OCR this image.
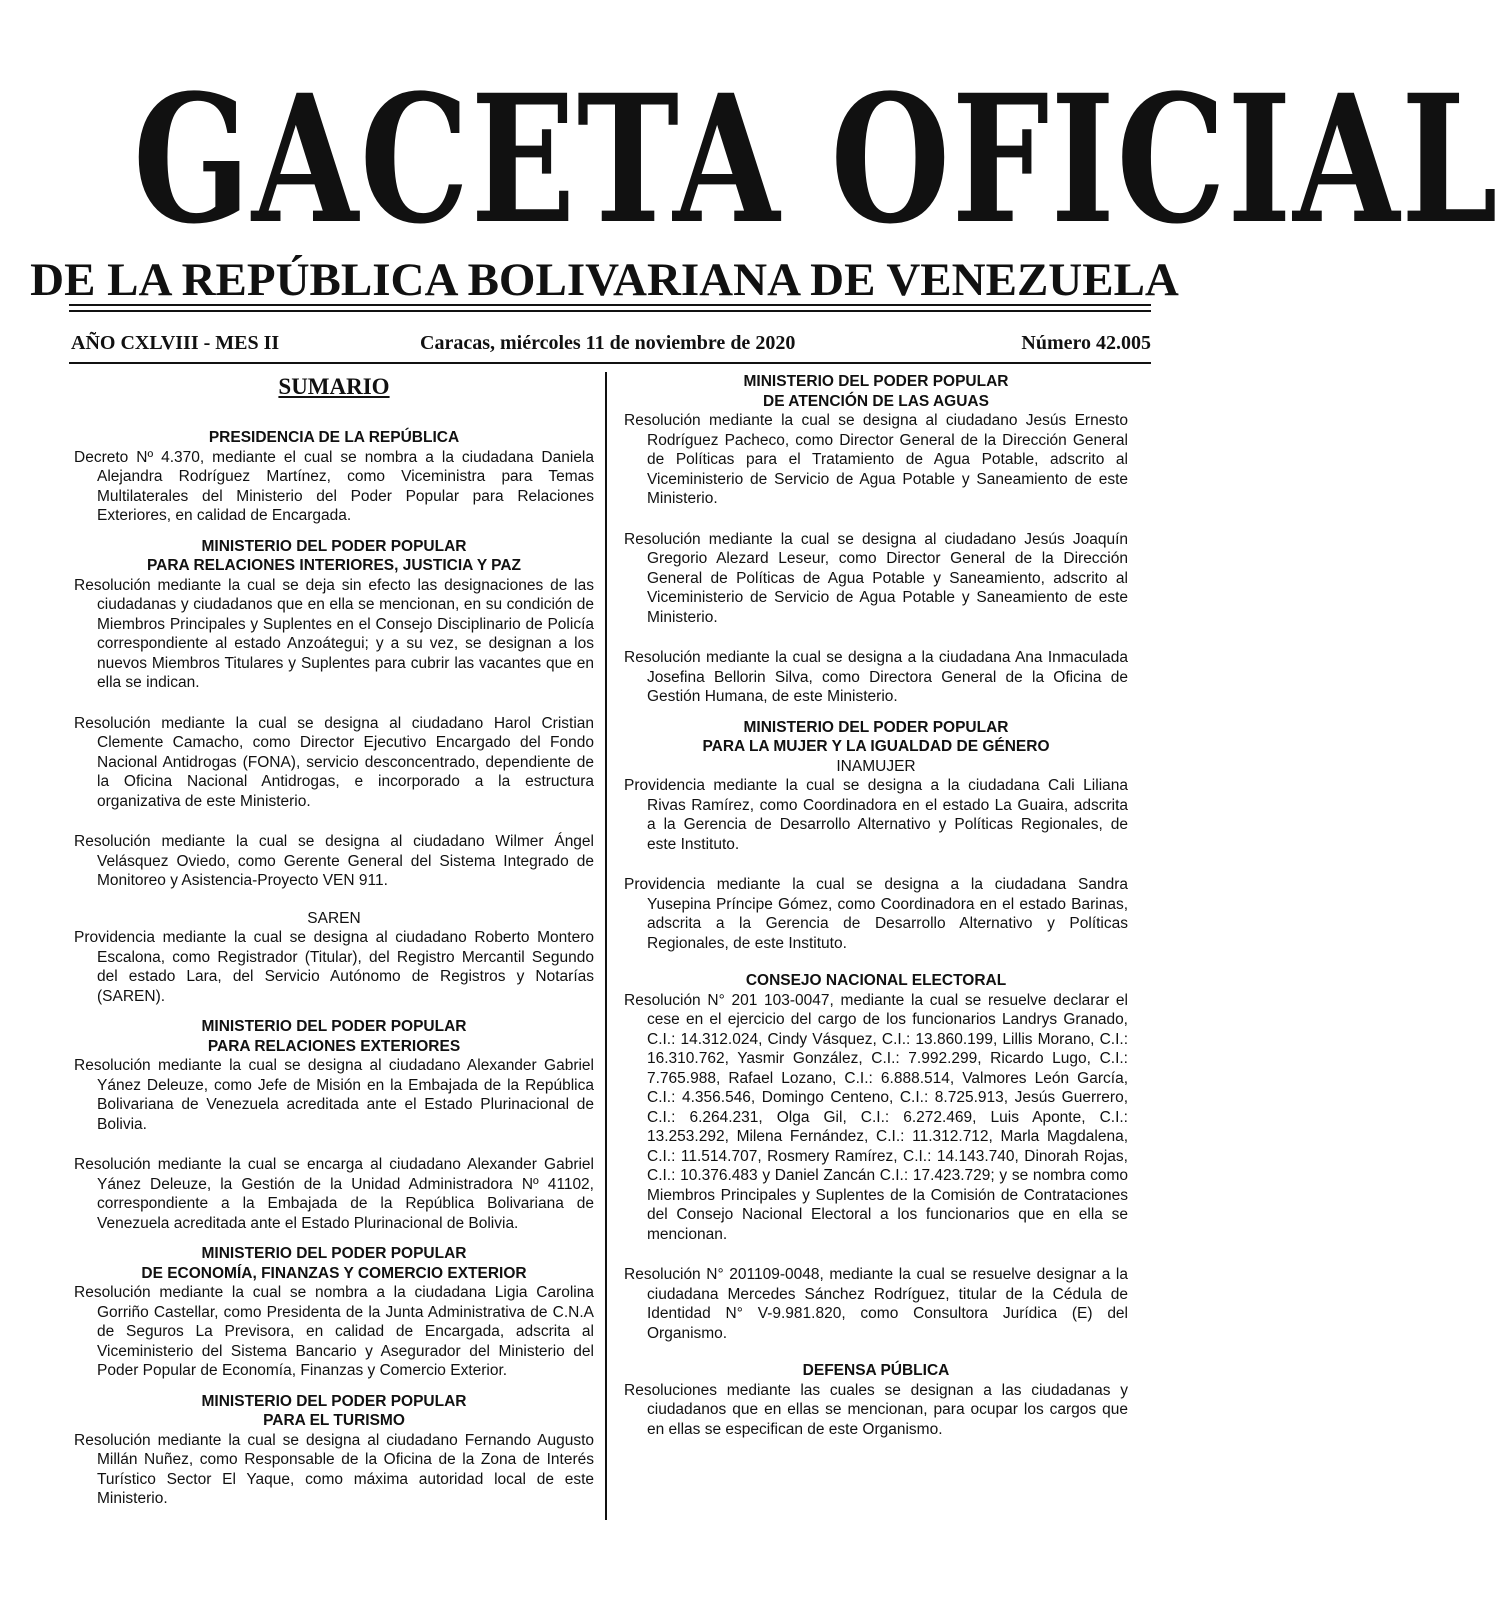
GACETA OFICIAL
DE LA REPÚBLICA BOLIVARIANA DE VENEZUELA
AÑO CXLVIII - MES II	Caracas, miércoles 11 de noviembre de 2020	Número 42.005

SUMARIO

PRESIDENCIA DE LA REPÚBLICA

Decreto Nº 4.370, mediante el cual se nombra a la ciudadana Daniela Alejandra Rodríguez Martínez, como Viceministra para Temas Multilaterales del Ministerio del Poder Popular para Relaciones Exteriores, en calidad de Encargada.

MINISTERIO DEL PODER POPULAR

PARA RELACIONES INTERIORES, JUSTICIA Y PAZ

Resolución mediante la cual se deja sin efecto las designaciones de las ciudadanas y ciudadanos que en ella se mencionan, en su condición de Miembros Principales y Suplentes en el Consejo Disciplinario de Policía correspondiente al estado Anzoátegui; y a su vez, se designan a los nuevos Miembros Titulares y Suplentes para cubrir las vacantes que en ella se indican.

Resolución mediante la cual se designa al ciudadano Harol Cristian Clemente Camacho, como Director Ejecutivo Encargado del Fondo Nacional Antidrogas (FONA), servicio desconcentrado, dependiente de la Oficina Nacional Antidrogas, e incorporado a la estructura organizativa de este Ministerio.

Resolución mediante la cual se designa al ciudadano Wilmer Ángel Velásquez Oviedo, como Gerente General del Sistema Integrado de Monitoreo y Asistencia-Proyecto VEN 911.

SAREN

Providencia mediante la cual se designa al ciudadano Roberto Montero Escalona, como Registrador (Titular), del Registro Mercantil Segundo del estado Lara, del Servicio Autónomo de Registros y Notarías (SAREN).

MINISTERIO DEL PODER POPULAR

PARA RELACIONES EXTERIORES

Resolución mediante la cual se designa al ciudadano Alexander Gabriel Yánez Deleuze, como Jefe de Misión en la Embajada de la República Bolivariana de Venezuela acreditada ante el Estado Plurinacional de Bolivia.

Resolución mediante la cual se encarga al ciudadano Alexander Gabriel Yánez Deleuze, la Gestión de la Unidad Administradora Nº 41102, correspondiente a la Embajada de la República Bolivariana de Venezuela acreditada ante el Estado Plurinacional de Bolivia.

MINISTERIO DEL PODER POPULAR

DE ECONOMÍA, FINANZAS Y COMERCIO EXTERIOR

Resolución mediante la cual se nombra a la ciudadana Ligia Carolina Gorriño Castellar, como Presidenta de la Junta Administrativa de C.N.A de Seguros La Previsora, en calidad de Encargada, adscrita al Viceministerio del Sistema Bancario y Asegurador del Ministerio del Poder Popular de Economía, Finanzas y Comercio Exterior.

MINISTERIO DEL PODER POPULAR

PARA EL TURISMO

Resolución mediante la cual se designa al ciudadano Fernando Augusto Millán Nuñez, como Responsable de la Oficina de la Zona de Interés Turístico Sector El Yaque, como máxima autoridad local de este Ministerio.

MINISTERIO DEL PODER POPULAR

DE ATENCIÓN DE LAS AGUAS

Resolución mediante la cual se designa al ciudadano Jesús Ernesto Rodríguez Pacheco, como Director General de la Dirección General de Políticas para el Tratamiento de Agua Potable, adscrito al Viceministerio de Servicio de Agua Potable y Saneamiento de este Ministerio.

Resolución mediante la cual se designa al ciudadano Jesús Joaquín Gregorio Alezard Leseur, como Director General de la Dirección General de Políticas de Agua Potable y Saneamiento, adscrito al Viceministerio de Servicio de Agua Potable y Saneamiento de este Ministerio.

Resolución mediante la cual se designa a la ciudadana Ana Inmaculada Josefina Bellorin Silva, como Directora General de la Oficina de Gestión Humana, de este Ministerio.

MINISTERIO DEL PODER POPULAR

PARA LA MUJER Y LA IGUALDAD DE GÉNERO

INAMUJER

Providencia mediante la cual se designa a la ciudadana Cali Liliana Rivas Ramírez, como Coordinadora en el estado La Guaira, adscrita a la Gerencia de Desarrollo Alternativo y Políticas Regionales, de este Instituto.

Providencia mediante la cual se designa a la ciudadana Sandra Yusepina Príncipe Gómez, como Coordinadora en el estado Barinas, adscrita a la Gerencia de Desarrollo Alternativo y Políticas Regionales, de este Instituto.

CONSEJO NACIONAL ELECTORAL

Resolución N° 201 103-0047, mediante la cual se resuelve declarar el cese en el ejercicio del cargo de los funcionarios Landrys Granado, C.I.: 14.312.024, Cindy Vásquez, C.I.: 13.860.199, Lillis Morano, C.I.: 16.310.762, Yasmir González, C.I.: 7.992.299, Ricardo Lugo, C.I.: 7.765.988, Rafael Lozano, C.I.: 6.888.514, Valmores León García, C.I.: 4.356.546, Domingo Centeno, C.I.: 8.725.913, Jesús Guerrero, C.I.: 6.264.231, Olga Gil, C.I.: 6.272.469, Luis Aponte, C.I.: 13.253.292, Milena Fernández, C.I.: 11.312.712, Marla Magdalena, C.I.: 11.514.707, Rosmery Ramírez, C.I.: 14.143.740, Dinorah Rojas, C.I.: 10.376.483 y Daniel Zancán C.I.: 17.423.729; y se nombra como Miembros Principales y Suplentes de la Comisión de Contrataciones del Consejo Nacional Electoral a los funcionarios que en ella se mencionan.

Resolución N° 201109-0048, mediante la cual se resuelve designar a la ciudadana Mercedes Sánchez Rodríguez, titular de la Cédula de Identidad N° V-9.981.820, como Consultora Jurídica (E) del Organismo.

DEFENSA PÚBLICA

Resoluciones mediante las cuales se designan a las ciudadanas y ciudadanos que en ellas se mencionan, para ocupar los cargos que en ellas se especifican de este Organismo.
